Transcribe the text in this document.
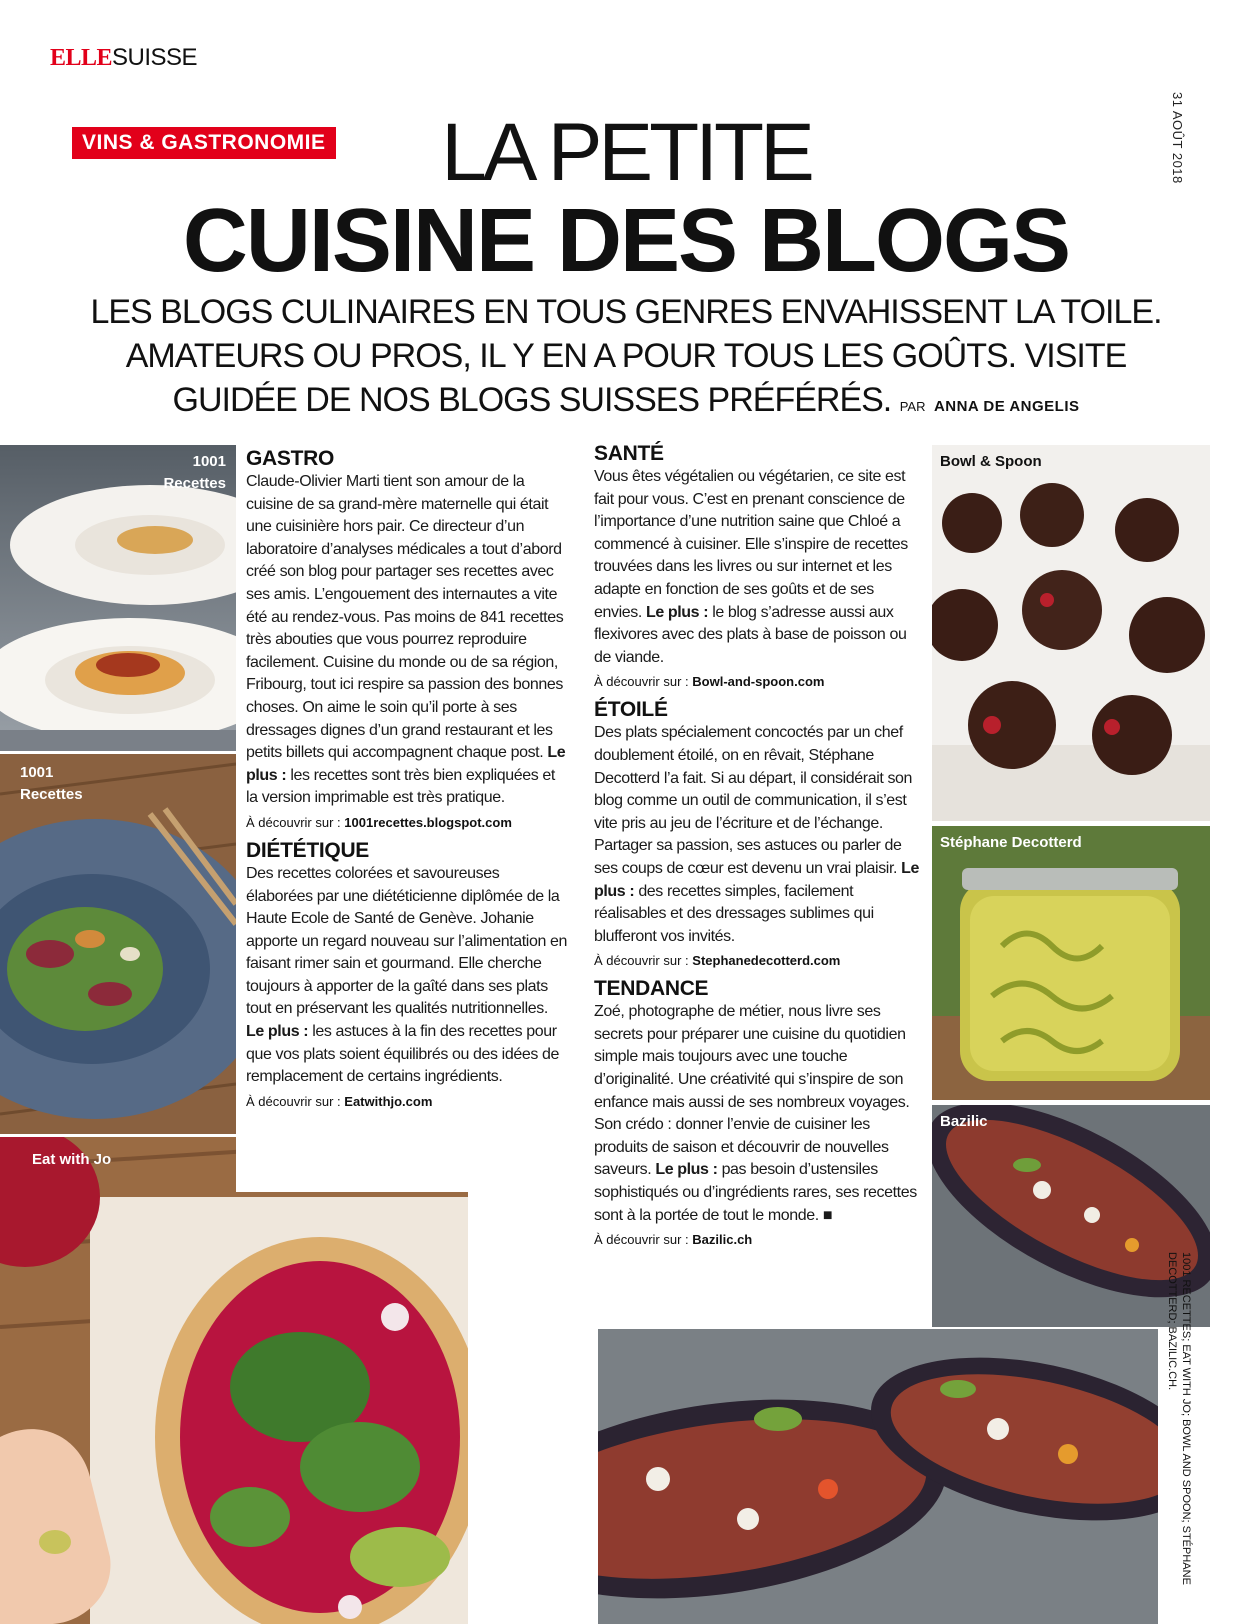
ELLESUISSE
31 AOÛT 2018
VINS & GASTRONOMIE	LA PETITE
CUISINE DES BLOGS

LES BLOGS CULINAIRES EN TOUS GENRES ENVAHISSENT LA TOILE. AMATEURS OU PROS, IL Y EN A POUR TOUS LES GOÛTS. VISITE GUIDÉE DE NOS BLOGS SUISSES PRÉFÉRÉS. PAR ANNA DE ANGELIS

1001 Recettes
1001 Recettes
Eat with Jo
Bowl & Spoon
Stéphane Decotterd
Bazilic
GASTRO

Claude-Olivier Marti tient son amour de la cuisine de sa grand-mère maternelle qui était une cuisinière hors pair. Ce directeur d’un laboratoire d’analyses médicales a tout d’abord créé son blog pour partager ses recettes avec ses amis. L’engouement des internautes a vite été au rendez-vous. Pas moins de 841 recettes très abouties que vous pourrez reproduire facilement. Cuisine du monde ou de sa région, Fribourg, tout ici respire sa passion des bonnes choses. On aime le soin qu’il porte à ses dressages dignes d’un grand restaurant et les petits billets qui accompagnent chaque post. Le plus : les recettes sont très bien expliquées et la version imprimable est très pratique.

À découvrir sur : 1001recettes.blogspot.com

DIÉTÉTIQUE

Des recettes colorées et savoureuses élaborées par une diététicienne diplômée de la Haute Ecole de Santé de Genève. Johanie apporte un regard nouveau sur l’alimentation en faisant rimer sain et gourmand. Elle cherche toujours à apporter de la gaîté dans ses plats tout en préservant les qualités nutritionnelles. Le plus : les astuces à la fin des recettes pour que vos plats soient équilibrés ou des idées de remplacement de certains ingrédients.

À découvrir sur : Eatwithjo.com

SANTÉ

Vous êtes végétalien ou végétarien, ce site est fait pour vous. C’est en prenant conscience de l’importance d’une nutrition saine que Chloé a commencé à cuisiner. Elle s’inspire de recettes trouvées dans les livres ou sur internet et les adapte en fonction de ses goûts et de ses envies. Le plus : le blog s’adresse aussi aux flexivores avec des plats à base de poisson ou de viande.

À découvrir sur : Bowl-and-spoon.com

ÉTOILÉ

Des plats spécialement concoctés par un chef doublement étoilé, on en rêvait, Stéphane Decotterd l’a fait. Si au départ, il considérait son blog comme un outil de communication, il s’est vite pris au jeu de l’écriture et de l’échange. Partager sa passion, ses astuces ou parler de ses coups de cœur est devenu un vrai plaisir. Le plus : des recettes simples, facilement réalisables et des dressages sublimes qui blufferont vos invités.

À découvrir sur : Stephanedecotterd.com

TENDANCE

Zoé, photographe de métier, nous livre ses secrets pour préparer une cuisine du quotidien simple mais toujours avec une touche d’originalité. Une créativité qui s’inspire de son enfance mais aussi de ses nombreux voyages. Son crédo : donner l’envie de cuisiner les produits de saison et découvrir de nouvelles saveurs. Le plus : pas besoin d’ustensiles sophistiqués ou d’ingrédients rares, ses recettes sont à la portée de tout le monde. ■

À découvrir sur : Bazilic.ch

1001 RECETTES; EAT WITH JO; BOWL AND SPOON; STÉPHANE DECOTTERD; BAZILIC.CH.
